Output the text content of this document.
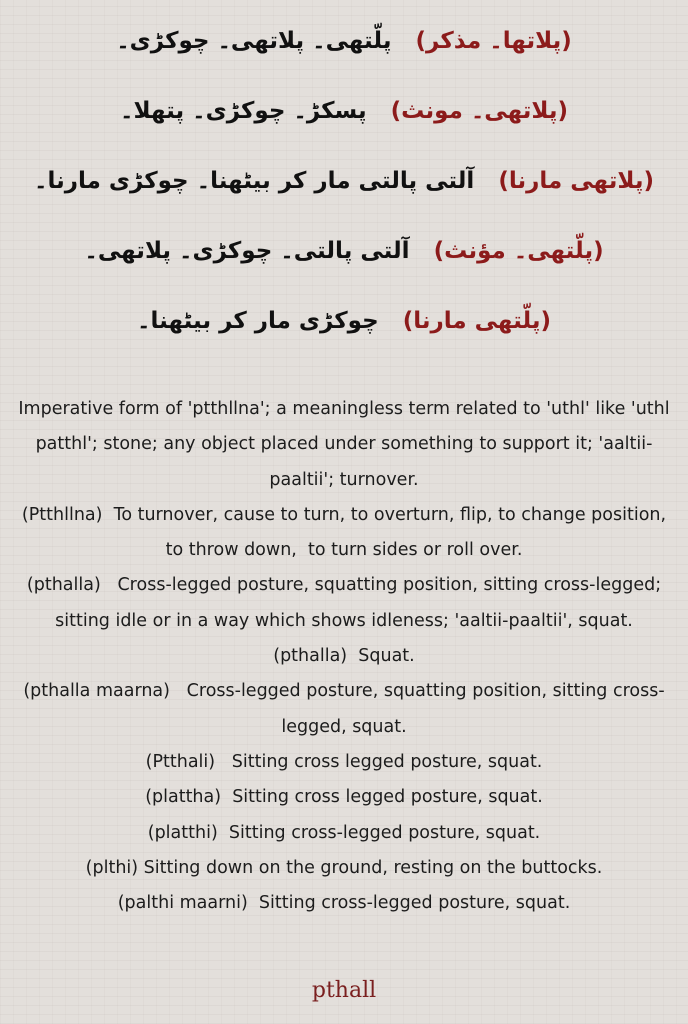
(پلاتھا۔ مذکر)   پلّتھی۔ پلاتھی۔ چوکڑی۔
(پلاتھی۔ مونث)   پسکڑ۔ چوکڑی۔ پتھلا۔
(پلاتھی مارنا)   آلتی پالتی مار کر بیٹھنا۔ چوکڑی مارنا۔
(پلّتھی۔ مؤنث)   آلتی پالتی۔ چوکڑی۔ پلاتھی۔
(پلّتھی مارنا)   چوکڑی مار کر بیٹھنا۔

Imperative form of 'ptthllna'; a meaningless term related to 'uthl' like 'uthl patthl'; stone; any object placed under something to support it; 'aaltii-paaltii'; turnover.

(Ptthllna)  To turnover, cause to turn, to overturn, flip, to change position, to throw down,  to turn sides or roll over.

(pthalla)   Cross-legged posture, squatting position, sitting cross-legged; sitting idle or in a way which shows idleness; 'aaltii-paaltii', squat.

(pthalla)  Squat.

(pthalla maarna)   Cross-legged posture, squatting position, sitting cross-legged, squat.

(Ptthali)   Sitting cross legged posture, squat.

(plattha)  Sitting cross legged posture, squat.

(platthi)  Sitting cross-legged posture, squat.

(plthi) Sitting down on the ground, resting on the buttocks.

(palthi maarni)  Sitting cross-legged posture, squat.

pthall
